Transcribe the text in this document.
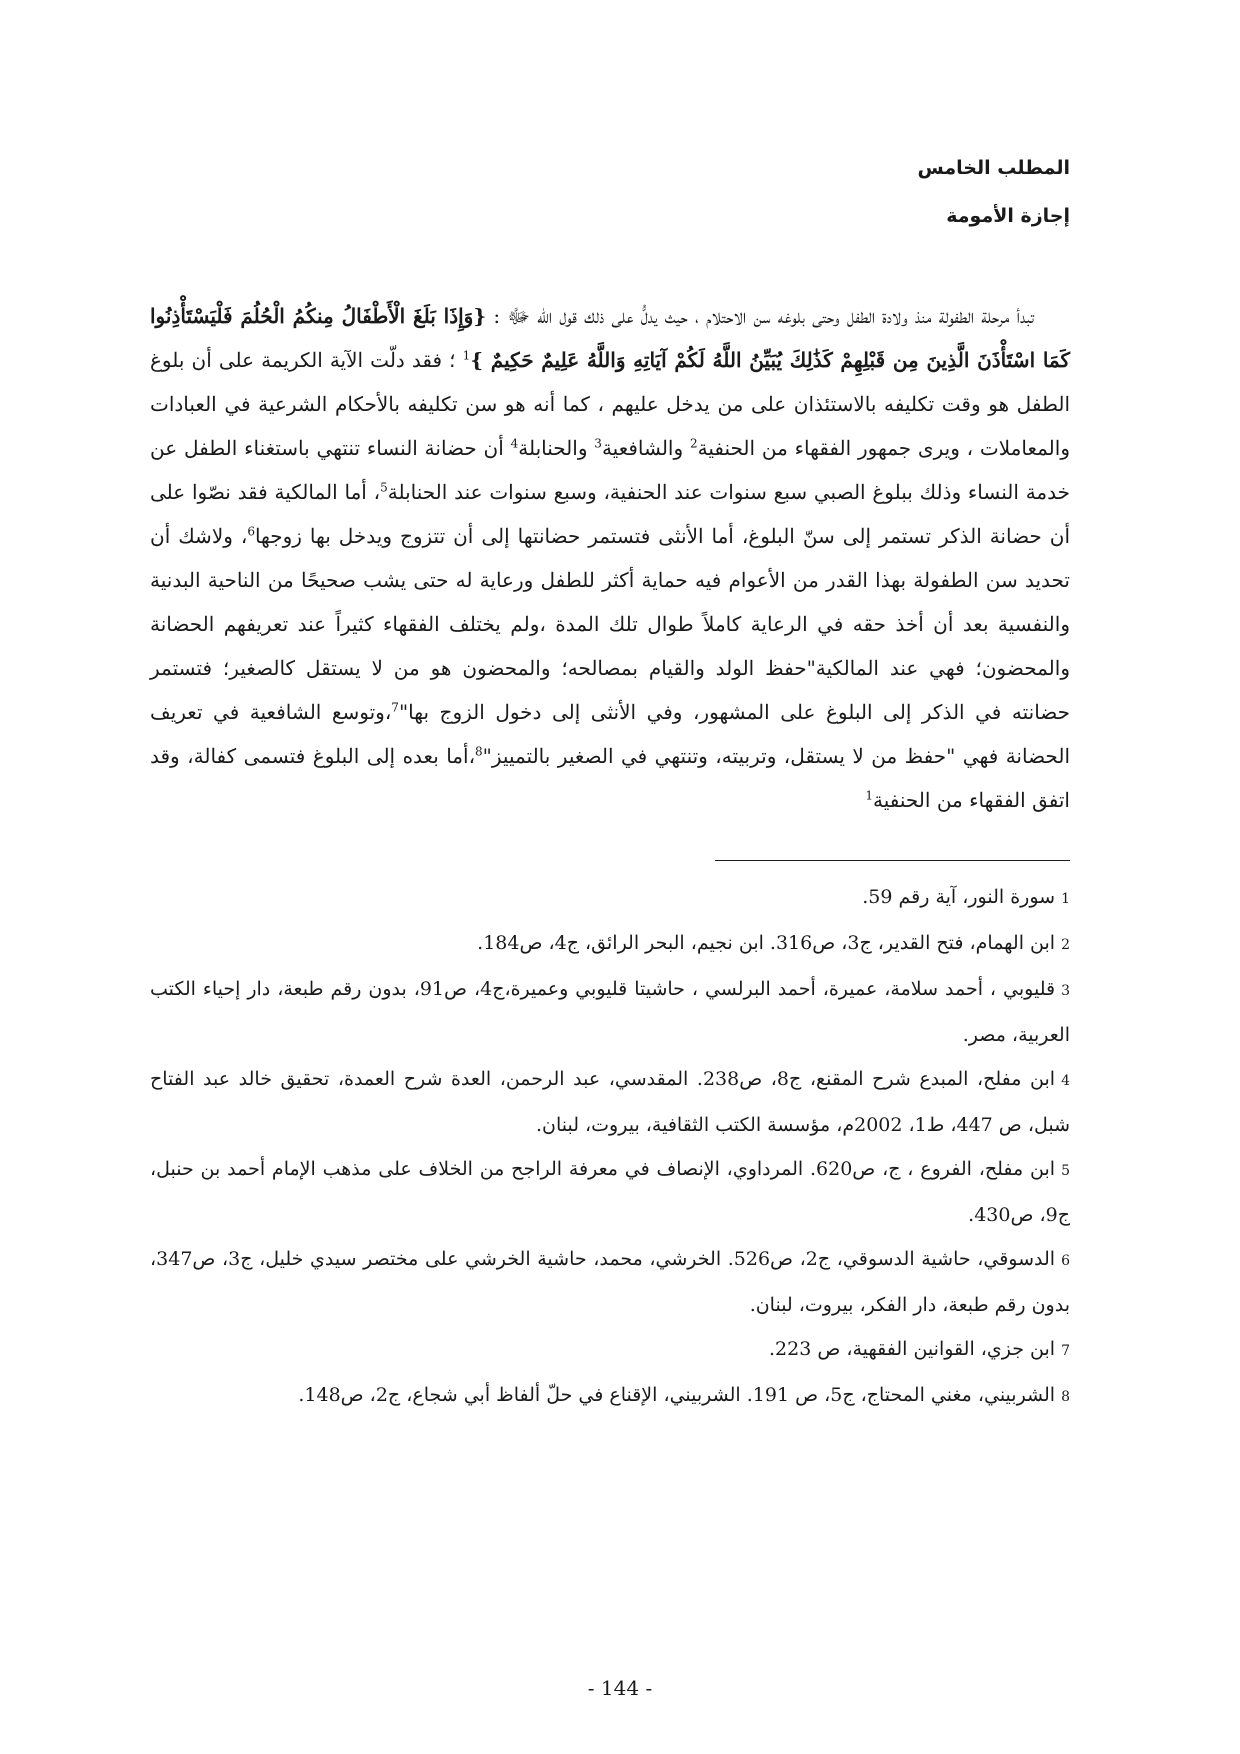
المطلب الخامس
إجازة الأمومة

تبدأ مرحلة الطفولة منذ ولادة الطفل وحتى بلوغه سن الاحتلام ، حيث يدلُّ على ذلك قول الله ﷻ : {وَإِذَا بَلَغَ الْأَطْفَالُ مِنكُمُ الْحُلُمَ فَلْيَسْتَأْذِنُوا كَمَا اسْتَأْذَنَ الَّذِينَ مِن قَبْلِهِمْ كَذَٰلِكَ يُبَيِّنُ اللَّهُ لَكُمْ آيَاتِهِ وَاللَّهُ عَلِيمٌ حَكِيمٌ }$^1$ ؛ فقد دلّت الآية الكريمة على أن بلوغ الطفل هو وقت تكليفه بالاستئذان على من يدخل عليهم ، كما أنه هو سن تكليفه بالأحكام الشرعية في العبادات والمعاملات ، ويرى جمهور الفقهاء من الحنفية$^2$ والشافعية$^3$ والحنابلة$^4$ أن حضانة النساء تنتهي باستغناء الطفل عن خدمة النساء وذلك ببلوغ الصبي سبع سنوات عند الحنفية، وسبع سنوات عند الحنابلة$^5$، أما المالكية فقد نصّوا على أن حضانة الذكر تستمر إلى سنّ البلوغ، أما الأنثى فتستمر حضانتها إلى أن تتزوج ويدخل بها زوجها$^6$، ولاشك أن تحديد سن الطفولة بهذا القدر من الأعوام فيه حماية أكثر للطفل ورعاية له حتى يشب صحيحًا من الناحية البدنية والنفسية بعد أن أخذ حقه في الرعاية كاملاً طوال تلك المدة ،ولم يختلف الفقهاء كثيراً عند تعريفهم الحضانة والمحضون؛ فهي عند المالكية"حفظ الولد والقيام بمصالحه؛ والمحضون هو من لا يستقل كالصغير؛ فتستمر حضانته في الذكر إلى البلوغ على المشهور، وفي الأنثى إلى دخول الزوج بها"$^7$،وتوسع الشافعية في تعريف الحضانة فهي "حفظ من لا يستقل، وتربيته، وتنتهي في الصغير بالتمييز"$^8$،أما بعده إلى البلوغ فتسمى كفالة، وقد اتفق الفقهاء من الحنفية$^1$

1سورة النور، آية رقم 59.

2ابن الهمام، فتح القدير، ج3، ص316. ابن نجيم، البحر الرائق، ج4، ص184.

3قليوبي ، أحمد سلامة، عميرة، أحمد البرلسي ، حاشيتا قليوبي وعميرة،ج4، ص91، بدون رقم طبعة، دار إحياء الكتب العربية، مصر.

4ابن مفلح، المبدع شرح المقنع، ج8، ص238. المقدسي، عبد الرحمن، العدة شرح العمدة، تحقيق خالد عبد الفتاح شبل، ص 447، ط1، 2002م، مؤسسة الكتب الثقافية، بيروت، لبنان.

5ابن مفلح، الفروع ، ج، ص620. المرداوي، الإنصاف في معرفة الراجح من الخلاف على مذهب الإمام أحمد بن حنبل، ج9، ص430.

6الدسوقي، حاشية الدسوقي، ج2، ص526. الخرشي، محمد، حاشية الخرشي على مختصر سيدي خليل، ج3، ص347، بدون رقم طبعة، دار الفكر، بيروت، لبنان.

7ابن جزي، القوانين الفقهية، ص 223.

8الشربيني، مغني المحتاج، ج5، ص 191. الشربيني، الإقناع في حلّ ألفاظ أبي شجاع، ج2، ص148.

- 144 -
